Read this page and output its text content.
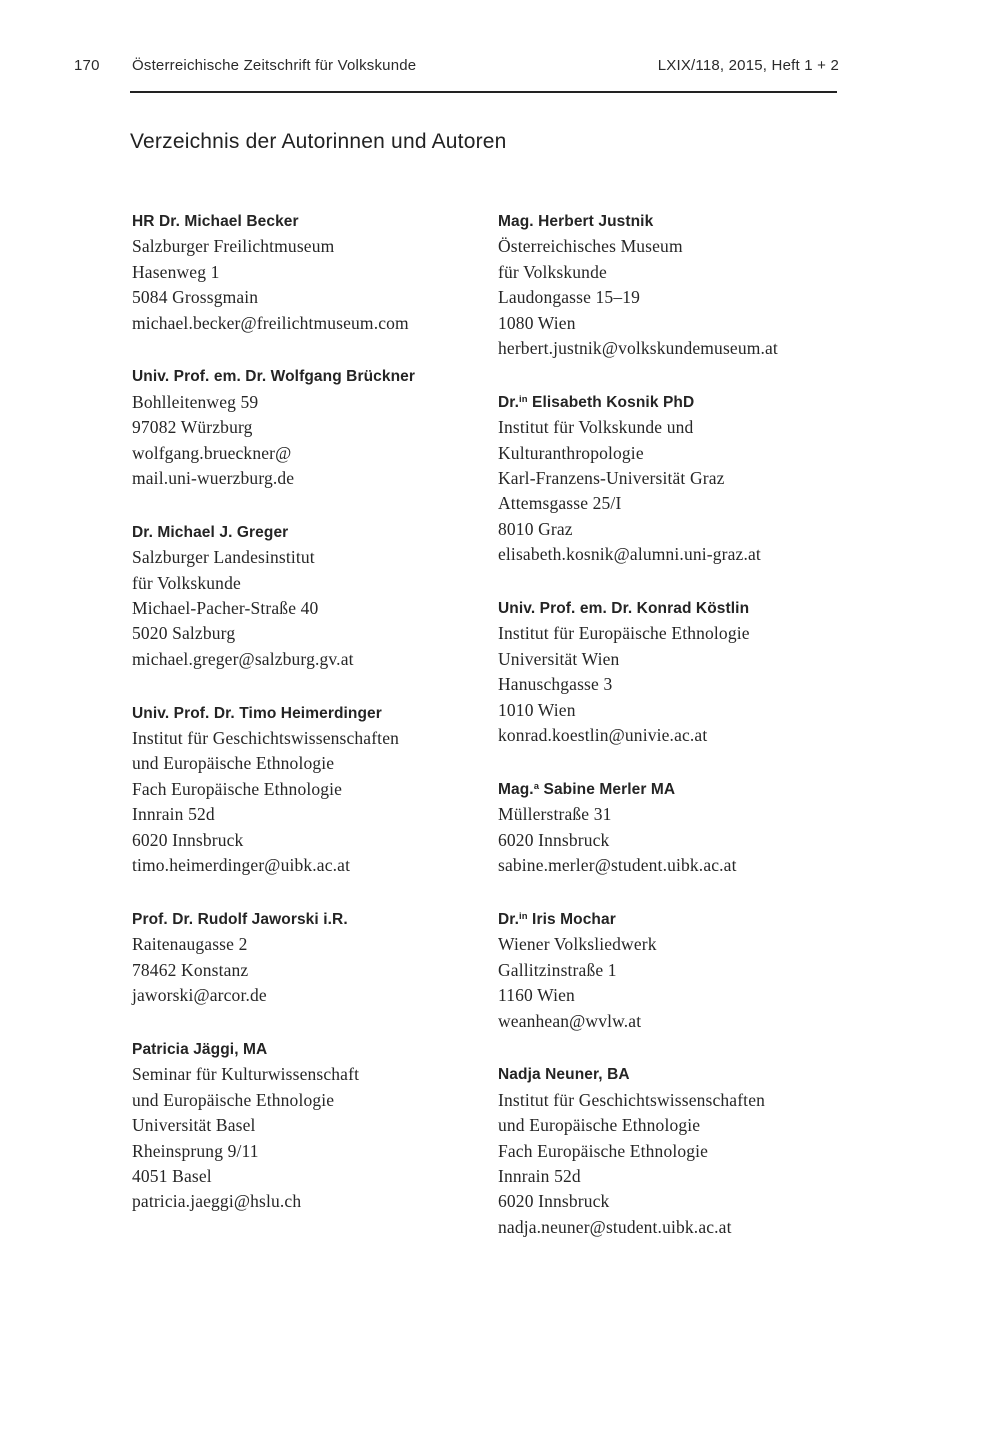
170	Österreichische Zeitschrift für Volkskunde	LXIX/118, 2015, Heft 1 + 2
Verzeichnis der Autorinnen und Autoren
HR Dr. Michael Becker
Salzburger Freilichtmuseum
Hasenweg 1
5084 Grossgmain
michael.becker@freilichtmuseum.com
Univ. Prof. em. Dr. Wolfgang Brückner
Bohlleitenweg 59
97082 Würzburg
wolfgang.brueckner@
mail.uni-wuerzburg.de
Dr. Michael J. Greger
Salzburger Landesinstitut
für Volkskunde
Michael-Pacher-Straße 40
5020 Salzburg
michael.greger@salzburg.gv.at
Univ. Prof. Dr. Timo Heimerdinger
Institut für Geschichtswissenschaften
und Europäische Ethnologie
Fach Europäische Ethnologie
Innrain 52d
6020 Innsbruck
timo.heimerdinger@uibk.ac.at
Prof. Dr. Rudolf Jaworski i.R.
Raitenaugasse 2
78462 Konstanz
jaworski@arcor.de
Patricia Jäggi, MA
Seminar für Kulturwissenschaft
und Europäische Ethnologie
Universität Basel
Rheinsprung 9/11
4051 Basel
patricia.jaeggi@hslu.ch
Mag. Herbert Justnik
Österreichisches Museum
für Volkskunde
Laudongasse 15–19
1080 Wien
herbert.justnik@volkskundemuseum.at
Dr.$^{in}$ Elisabeth Kosnik PhD
Institut für Volkskunde und
Kulturanthropologie
Karl-Franzens-Universität Graz
Attemsgasse 25/I
8010 Graz
elisabeth.kosnik@alumni.uni-graz.at
Univ. Prof. em. Dr. Konrad Köstlin
Institut für Europäische Ethnologie
Universität Wien
Hanuschgasse 3
1010 Wien
konrad.koestlin@univie.ac.at
Mag.$^a$ Sabine Merler MA
Müllerstraße 31
6020 Innsbruck
sabine.merler@student.uibk.ac.at
Dr.$^{in}$ Iris Mochar
Wiener Volksliedwerk
Gallitzinstraße 1
1160 Wien
weanhean@wvlw.at
Nadja Neuner, BA
Institut für Geschichtswissenschaften
und Europäische Ethnologie
Fach Europäische Ethnologie
Innrain 52d
6020 Innsbruck
nadja.neuner@student.uibk.ac.at
